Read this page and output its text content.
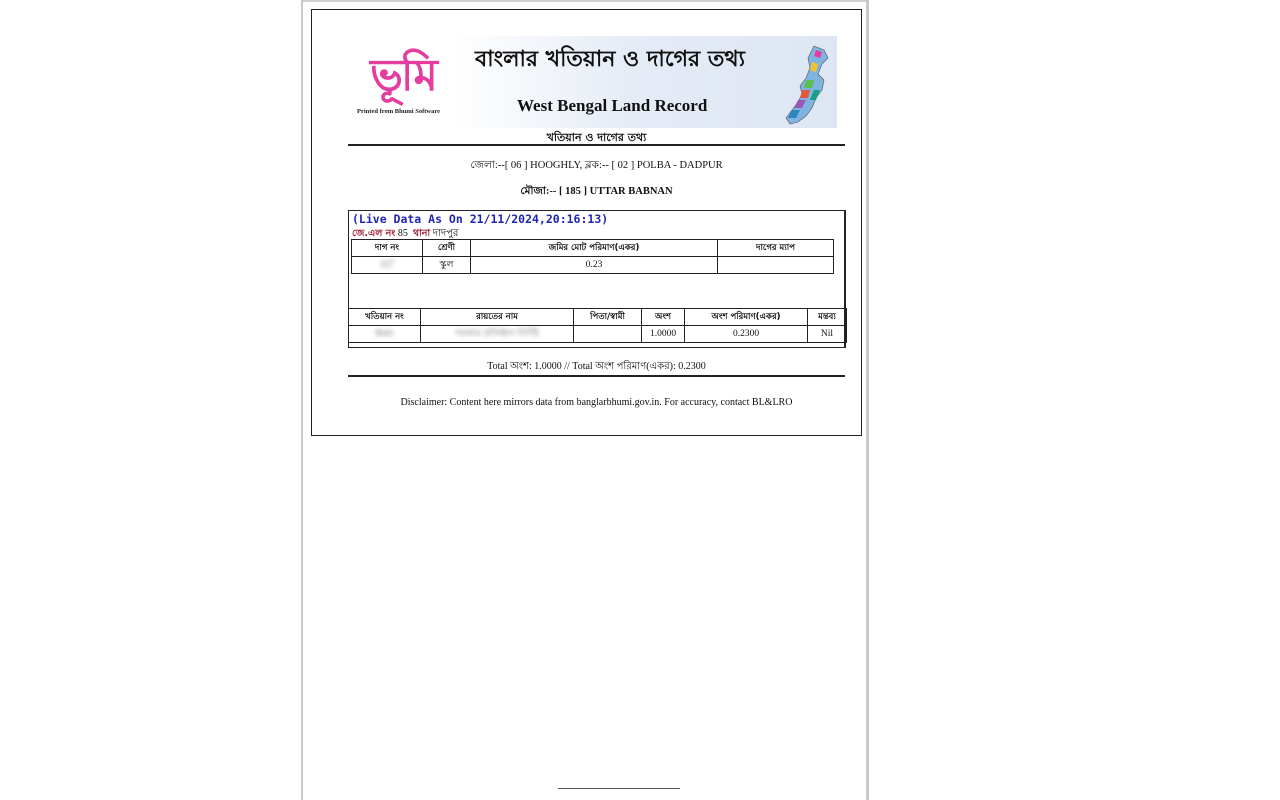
ভূমি
Printed from Bhumi Software
বাংলার খতিয়ান ও দাগের তথ্য
West Bengal Land Record
খতিয়ান ও দাগের তথ্য
জেলা:--[ 06 ] HOOGHLY, ব্লক:-- [ 02 ] POLBA - DADPUR
মৌজা:-- [ 185 ] UTTAR BABNAN
(Live Data As On 21/11/2024,20:16:13)
জে.এল নং 85 থানা দাদপুর
দাগ নং	শ্রেণী	জমির মোট পরিমাণ(একর)	দাগের ম্যাপ
327	স্কুল	0.23	
খতিয়ান নং	রায়তের নাম	পিতা/স্বামী	অংশ	অংশ পরিমাণ(একর)	মন্তব্য
9041	সরকার প্রতিষ্ঠান নির্দিষ্ট		1.0000	0.2300	Nil
Total অংশ: 1.0000 // Total অংশ পরিমাণ(একর): 0.2300
Disclaimer: Content here mirrors data from banglarbhumi.gov.in. For accuracy, contact BL&LRO
